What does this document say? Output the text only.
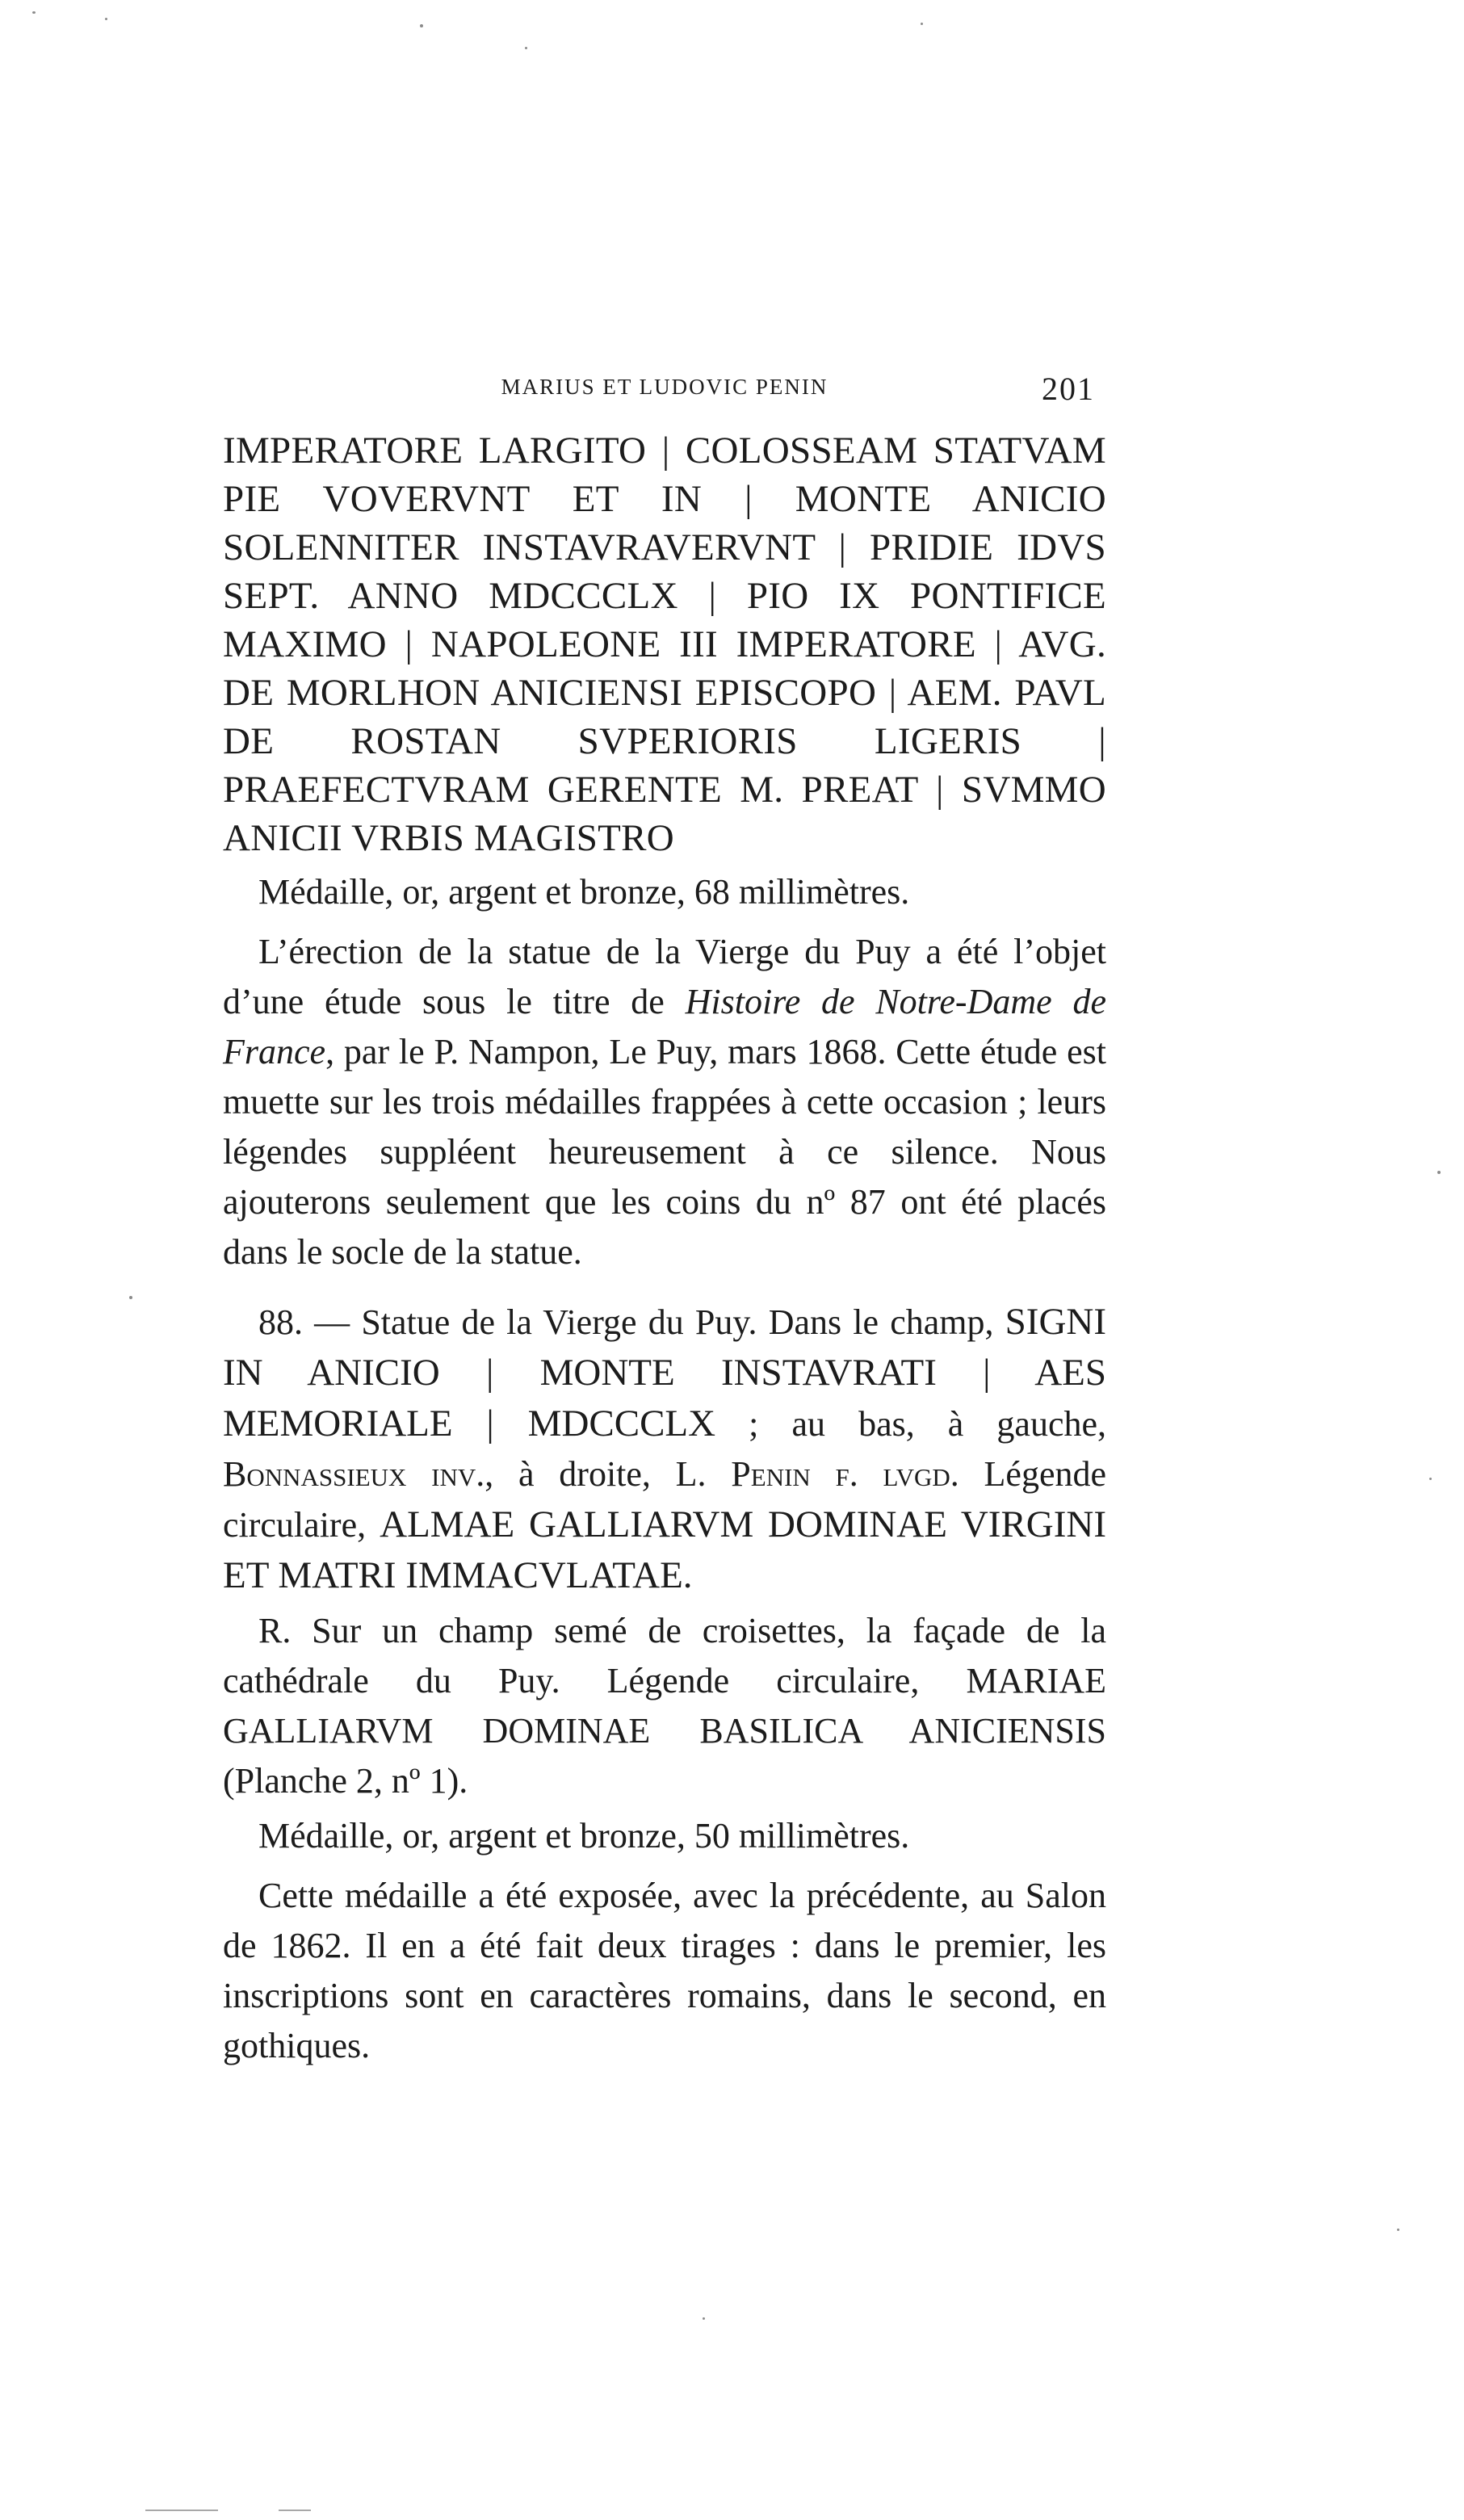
MARIUS ET LUDOVIC PENIN	201

IMPERATORE LARGITO | COLOSSEAM STATVAM PIE VOVERVNT ET IN | MONTE ANICIO SOLENNITER INSTAVRAVERVNT | PRIDIE IDVS SEPT. ANNO MDCCCLX | PIO IX PONTIFICE MAXIMO | NAPOLEONE III IMPERATORE | AVG. DE MORLHON ANICIENSI EPISCOPO | AEM. PAVL DE ROSTAN SVPERIORIS LIGERIS | PRAEFECTVRAM GERENTE M. PREAT | SVMMO ANICII VRBIS MAGISTRO

Médaille, or, argent et bronze, 68 millimètres.

L’érection de la statue de la Vierge du Puy a été l’objet d’une étude sous le titre de Histoire de Notre-Dame de France, par le P. Nampon, Le Puy, mars 1868. Cette étude est muette sur les trois médailles frappées à cette occasion ; leurs légendes suppléent heureusement à ce silence. Nous ajouterons seulement que les coins du nº 87 ont été placés dans le socle de la statue.

88. — Statue de la Vierge du Puy. Dans le champ, SIGNI IN ANICIO | MONTE INSTAVRATI | AES MEMORIALE | MDCCCLX ; au bas, à gauche, Bonnassieux inv., à droite, L. Penin f. lvgd. Légende circulaire, ALMAE GALLIARVM DOMINAE VIRGINI ET MATRI IMMACVLATAE.

R. Sur un champ semé de croisettes, la façade de la cathédrale du Puy. Légende circulaire, MARIAE GALLIARVM DOMINAE BASILICA ANICIENSIS (Planche 2, nº 1).

Médaille, or, argent et bronze, 50 millimètres.

Cette médaille a été exposée, avec la précédente, au Salon de 1862. Il en a été fait deux tirages : dans le premier, les inscriptions sont en caractères romains, dans le second, en gothiques.
